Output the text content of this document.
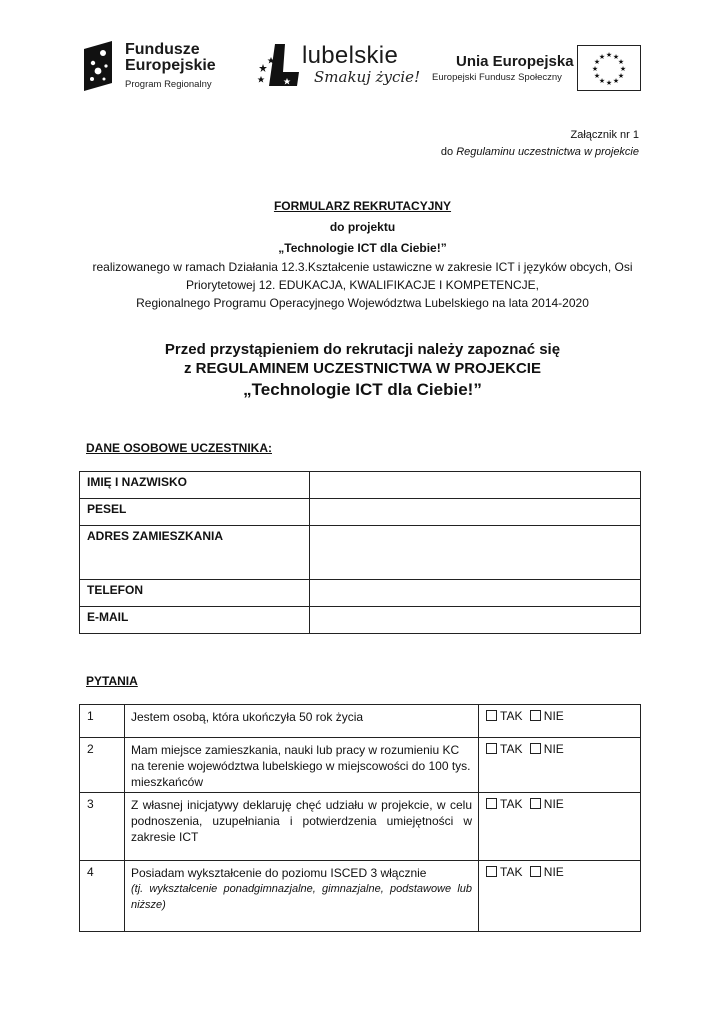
Fundusze
Europejskie
Program Regionalny
lubelskie
Smakuj życie!
Unia Europejska
Europejski Fundusz Społeczny
★ ★
★
★
★
★
★
★
★
★
★
★
Załącznik nr 1
do Regulaminu uczestnictwa w projekcie
FORMULARZ REKRUTACYJNY
do projektu
„Technologie ICT dla Ciebie!”
realizowanego w ramach Działania 12.3.Kształcenie ustawiczne w zakresie ICT i języków obcych, Osi
Priorytetowej 12. EDUKACJA, KWALIFIKACJE I KOMPETENCJE,
Regionalnego Programu Operacyjnego Województwa Lubelskiego na lata 2014-2020
Przed przystąpieniem do rekrutacji należy zapoznać się
z REGULAMINEM UCZESTNICTWA W PROJEKCIE
„Technologie ICT dla Ciebie!”
DANE OSOBOWE UCZESTNIKA:
IMIĘ I NAZWISKO	
PESEL	
ADRES ZAMIESZKANIA	
TELEFON	
E-MAIL	
PYTANIA
1	Jestem osobą, która ukończyła 50 rok życia	TAK NIE
2	Mam miejsce zamieszkania, nauki lub pracy w rozumieniu KC na terenie województwa lubelskiego w miejscowości do 100 tys. mieszkańców	TAK NIE
3	Z własnej inicjatywy deklaruję chęć udziału w projekcie, w celu podnoszenia, uzupełniania i potwierdzenia umiejętności w zakresie ICT	TAK NIE
4	Posiadam wykształcenie do poziomu ISCED 3 włącznie
(tj. wykształcenie ponadgimnazjalne, gimnazjalne, podstawowe lub niższe)	TAK NIE
